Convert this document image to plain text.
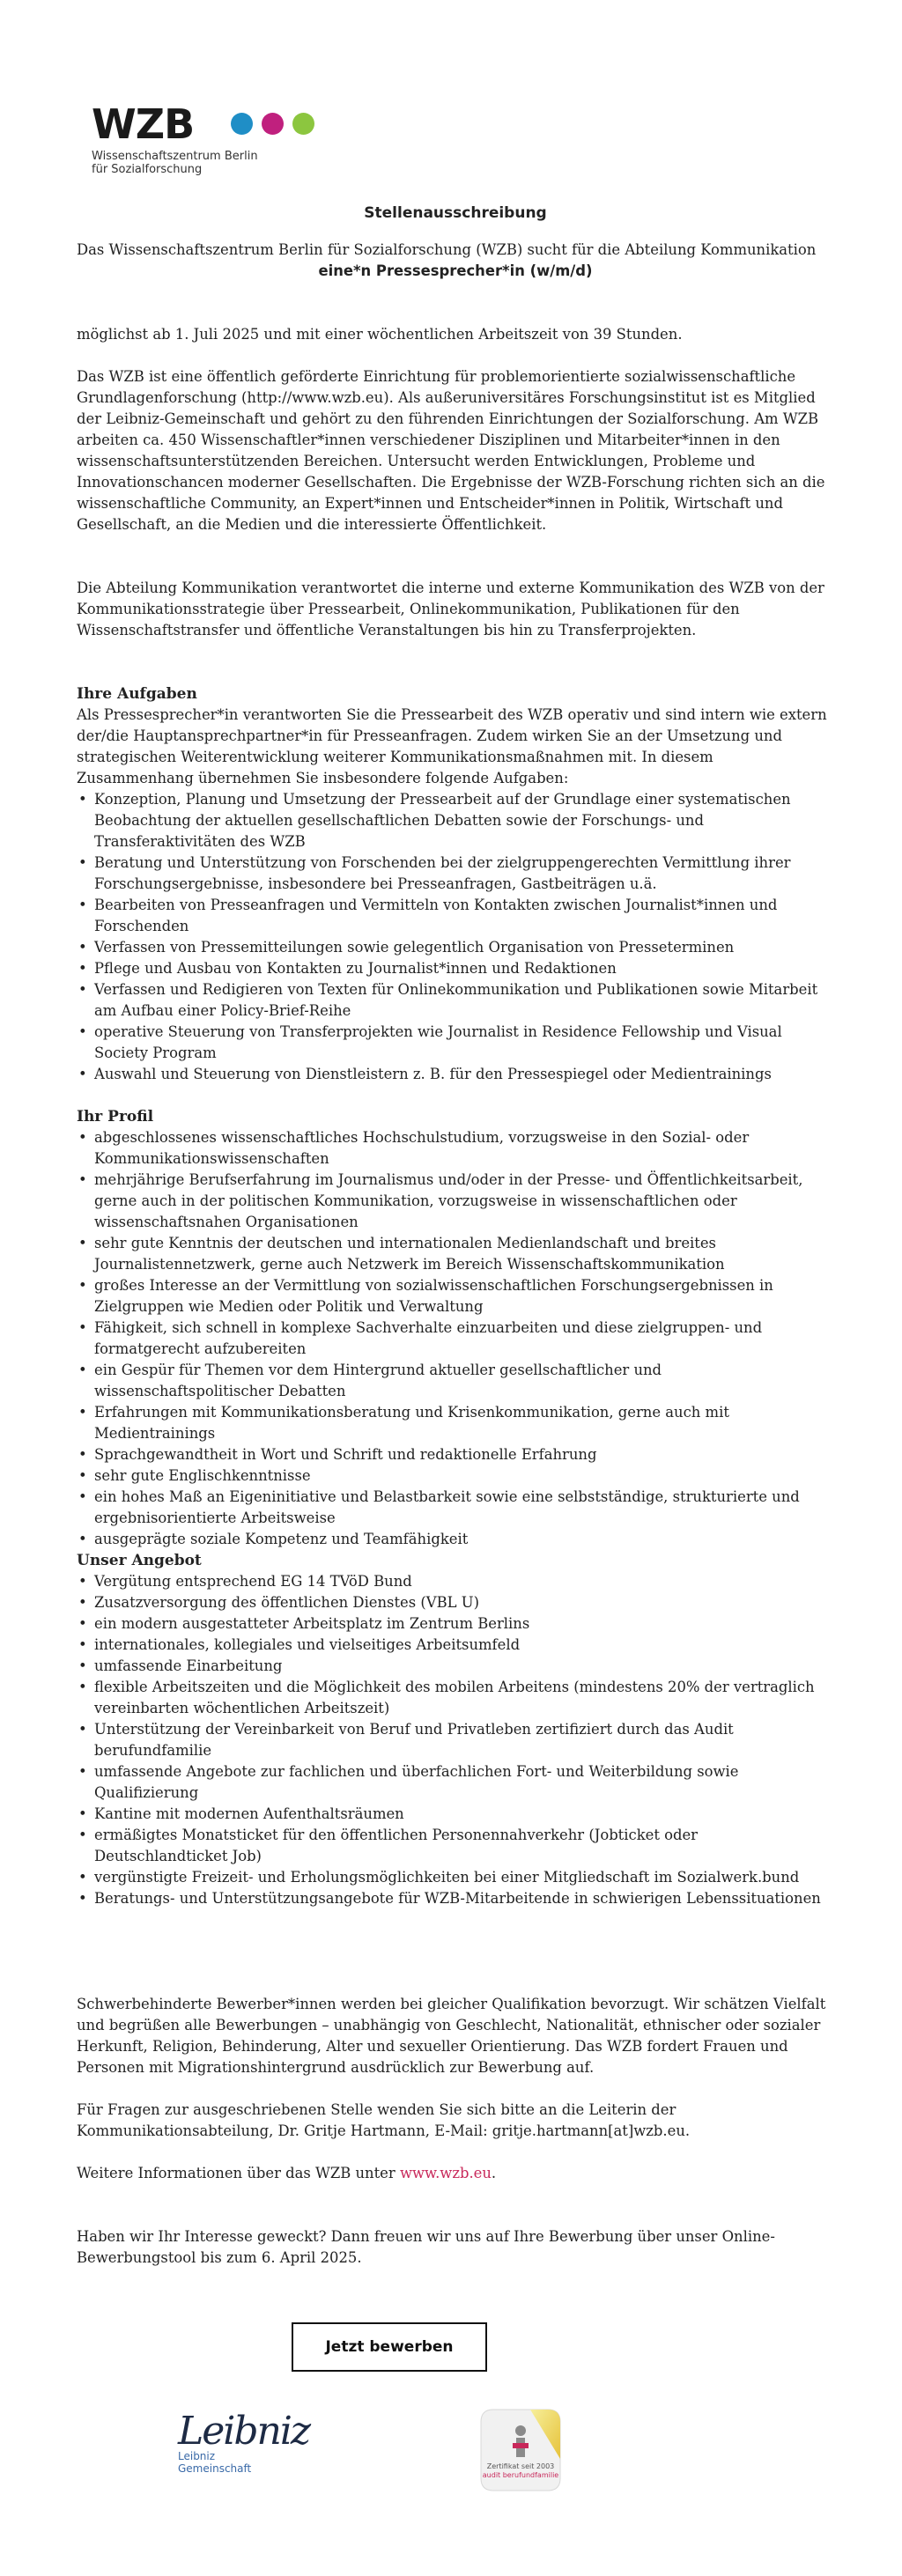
WZB
Wissenschaftszentrum Berlin
für Sozialforschung
Stellenausschreibung

Das Wissenschaftszentrum Berlin für Sozialforschung (WZB) sucht für die Abteilung Kommunikation

eine*n Pressesprecher*in (w/m/d)

möglichst ab 1. Juli 2025 und mit einer wöchentlichen Arbeitszeit von 39 Stunden.

Das WZB ist eine öffentlich geförderte Einrichtung für problemorientierte sozialwissenschaftliche Grundlagenforschung (http://www.wzb.eu). Als außeruniversitäres Forschungsinstitut ist es Mitglied der Leibniz-Gemeinschaft und gehört zu den führenden Einrichtungen der Sozialforschung. Am WZB arbeiten ca. 450 Wissenschaftler*innen verschiedener Disziplinen und Mitarbeiter*innen in den wissenschaftsunterstützenden Bereichen. Untersucht werden Entwicklungen, Probleme und Innovationschancen moderner Gesellschaften. Die Ergebnisse der WZB-Forschung richten sich an die wissenschaftliche Community, an Expert*innen und Entscheider*innen in Politik, Wirtschaft und Gesellschaft, an die Medien und die interessierte Öffentlichkeit.

Die Abteilung Kommunikation verantwortet die interne und externe Kommunikation des WZB von der Kommunikationsstrategie über Pressearbeit, Onlinekommunikation, Publikationen für den Wissenschaftstransfer und öffentliche Veranstaltungen bis hin zu Transferprojekten.

Ihre Aufgaben

Als Pressesprecher*in verantworten Sie die Pressearbeit des WZB operativ und sind intern wie extern der/die Hauptansprechpartner*in für Presseanfragen. Zudem wirken Sie an der Umsetzung und strategischen Weiterentwicklung weiterer Kommunikationsmaßnahmen mit. In diesem Zusammenhang übernehmen Sie insbesondere folgende Aufgaben:

• Konzeption, Planung und Umsetzung der Pressearbeit auf der Grundlage einer systematischen Beobachtung der aktuellen gesellschaftlichen Debatten sowie der Forschungs- und Transferaktivitäten des WZB
• Beratung und Unterstützung von Forschenden bei der zielgruppengerechten Vermittlung ihrer Forschungsergebnisse, insbesondere bei Presseanfragen, Gastbeiträgen u.ä.
• Bearbeiten von Presseanfragen und Vermitteln von Kontakten zwischen Journalist*innen und Forschenden
• Verfassen von Pressemitteilungen sowie gelegentlich Organisation von Presseterminen
• Pflege und Ausbau von Kontakten zu Journalist*innen und Redaktionen
• Verfassen und Redigieren von Texten für Onlinekommunikation und Publikationen sowie Mitarbeit am Aufbau einer Policy-Brief-Reihe
• operative Steuerung von Transferprojekten wie Journalist in Residence Fellowship und Visual Society Program
• Auswahl und Steuerung von Dienstleistern z. B. für den Pressespiegel oder Medientrainings
Ihr Profil
• abgeschlossenes wissenschaftliches Hochschulstudium, vorzugsweise in den Sozial- oder Kommunikationswissenschaften
• mehrjährige Berufserfahrung im Journalismus und/oder in der Presse- und Öffentlichkeitsarbeit, gerne auch in der politischen Kommunikation, vorzugsweise in wissenschaftlichen oder wissenschaftsnahen Organisationen
• sehr gute Kenntnis der deutschen und internationalen Medienlandschaft und breites Journalistennetzwerk, gerne auch Netzwerk im Bereich Wissenschaftskommunikation
• großes Interesse an der Vermittlung von sozialwissenschaftlichen Forschungsergebnissen in Zielgruppen wie Medien oder Politik und Verwaltung
• Fähigkeit, sich schnell in komplexe Sachverhalte einzuarbeiten und diese zielgruppen- und formatgerecht aufzubereiten
• ein Gespür für Themen vor dem Hintergrund aktueller gesellschaftlicher und wissenschaftspolitischer Debatten
• Erfahrungen mit Kommunikationsberatung und Krisenkommunikation, gerne auch mit Medientrainings
• Sprachgewandtheit in Wort und Schrift und redaktionelle Erfahrung
• sehr gute Englischkenntnisse
• ein hohes Maß an Eigeninitiative und Belastbarkeit sowie eine selbstständige, strukturierte und ergebnisorientierte Arbeitsweise
• ausgeprägte soziale Kompetenz und Teamfähigkeit
Unser Angebot
• Vergütung entsprechend EG 14 TVöD Bund
• Zusatzversorgung des öffentlichen Dienstes (VBL U)
• ein modern ausgestatteter Arbeitsplatz im Zentrum Berlins
• internationales, kollegiales und vielseitiges Arbeitsumfeld
• umfassende Einarbeitung
• flexible Arbeitszeiten und die Möglichkeit des mobilen Arbeitens (mindestens 20% der vertraglich vereinbarten wöchentlichen Arbeitszeit)
• Unterstützung der Vereinbarkeit von Beruf und Privatleben zertifiziert durch das Audit berufundfamilie
• umfassende Angebote zur fachlichen und überfachlichen Fort- und Weiterbildung sowie Qualifizierung
• Kantine mit modernen Aufenthaltsräumen
• ermäßigtes Monatsticket für den öffentlichen Personennahverkehr (Jobticket oder Deutschlandticket Job)
• vergünstigte Freizeit- und Erholungsmöglichkeiten bei einer Mitgliedschaft im Sozialwerk.bund
• Beratungs- und Unterstützungsangebote für WZB-Mitarbeitende in schwierigen Lebenssituationen

Schwerbehinderte Bewerber*innen werden bei gleicher Qualifikation bevorzugt. Wir schätzen Vielfalt und begrüßen alle Bewerbungen – unabhängig von Geschlecht, Nationalität, ethnischer oder sozialer Herkunft, Religion, Behinderung, Alter und sexueller Orientierung. Das WZB fordert Frauen und Personen mit Migrationshintergrund ausdrücklich zur Bewerbung auf.

Für Fragen zur ausgeschriebenen Stelle wenden Sie sich bitte an die Leiterin der Kommunikationsabteilung, Dr. Gritje Hartmann, E-Mail: gritje.hartmann[at]wzb.eu.

Weitere Informationen über das WZB unter www.wzb.eu.

Haben wir Ihr Interesse geweckt? Dann freuen wir uns auf Ihre Bewerbung über unser Online-Bewerbungstool bis zum 6. April 2025.

Jetzt bewerben
Leibniz
Leibniz
Gemeinschaft	Zertifikat seit 2003
audit berufundfamilie
